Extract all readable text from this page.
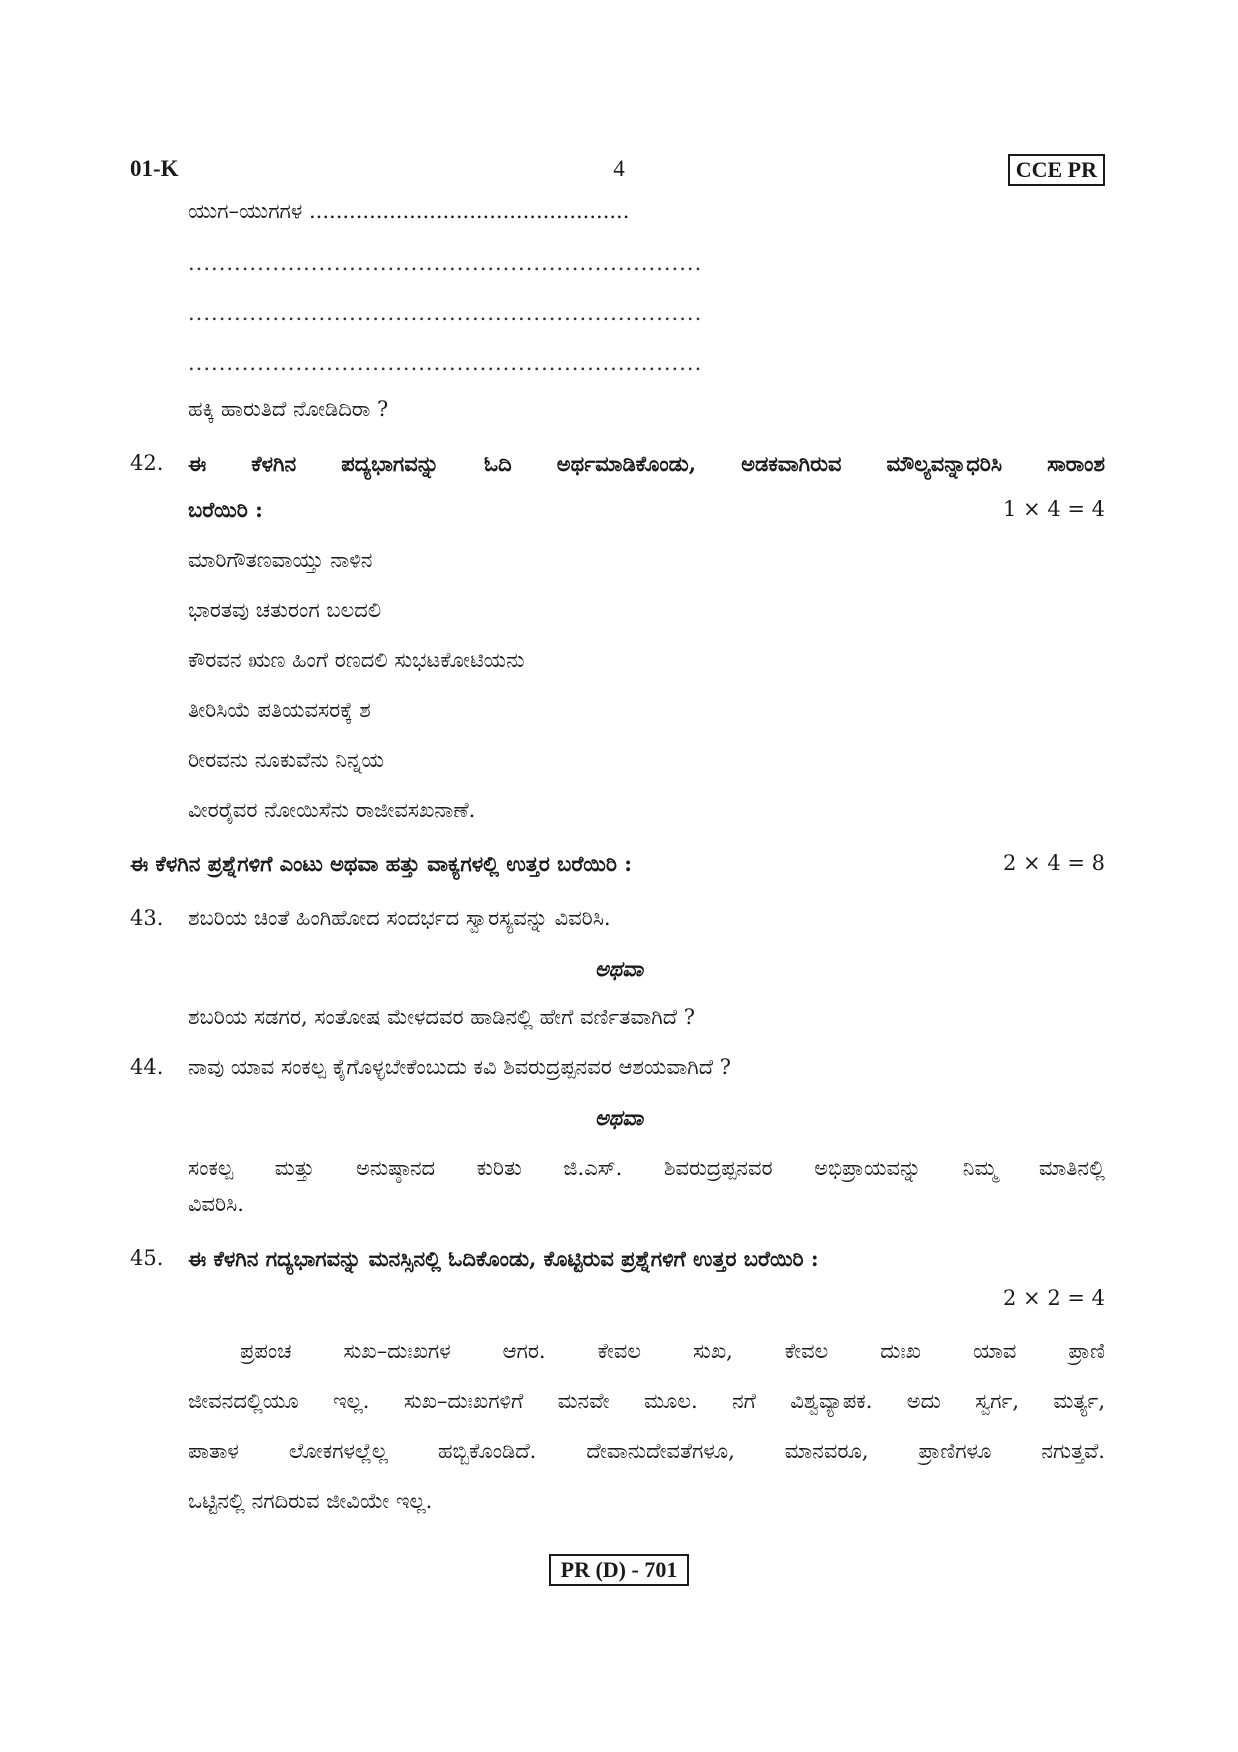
01-K	4	CCE PR
ಯುಗ–ಯುಗಗಳ ................................................
...................................................................
...................................................................
...................................................................
ಹಕ್ಕಿ ಹಾರುತಿದೆ ನೋಡಿದಿರಾ ?
42. ಈ ಕೆಳಗಿನ ಪದ್ಯಭಾಗವನ್ನು ಓದಿ ಅರ್ಥಮಾಡಿಕೊಂಡು, ಅಡಕವಾಗಿರುವ ಮೌಲ್ಯವನ್ನಾಧರಿಸಿ ಸಾರಾಂಶ
ಬರೆಯಿರಿ :	1 × 4 = 4
ಮಾರಿಗೌತಣವಾಯ್ತು ನಾಳಿನ
ಭಾರತವು ಚತುರಂಗ ಬಲದಲಿ
ಕೌರವನ ಋಣ ಹಿಂಗೆ ರಣದಲಿ ಸುಭಟಕೋಟಿಯನು
ತೀರಿಸಿಯೆ ಪತಿಯವಸರಕ್ಕೆ ಶ
ರೀರವನು ನೂಕುವೆನು ನಿನ್ನಯ
ವೀರರೈವರ ನೋಯಿಸೆನು ರಾಜೀವಸಖನಾಣೆ.
ಈ ಕೆಳಗಿನ ಪ್ರಶ್ನೆಗಳಿಗೆ ಎಂಟು ಅಥವಾ ಹತ್ತು ವಾಕ್ಯಗಳಲ್ಲಿ ಉತ್ತರ ಬರೆಯಿರಿ :	2 × 4 = 8
43. ಶಬರಿಯ ಚಿಂತೆ ಹಿಂಗಿಹೋದ ಸಂದರ್ಭದ ಸ್ವಾರಸ್ಯವನ್ನು ವಿವರಿಸಿ.
ಅಥವಾ
ಶಬರಿಯ ಸಡಗರ, ಸಂತೋಷ ಮೇಳದವರ ಹಾಡಿನಲ್ಲಿ ಹೇಗೆ ವರ್ಣಿತವಾಗಿದೆ ?
44. ನಾವು ಯಾವ ಸಂಕಲ್ಪ ಕೈಗೊಳ್ಳಬೇಕೆಂಬುದು ಕವಿ ಶಿವರುದ್ರಪ್ಪನವರ ಆಶಯವಾಗಿದೆ ?
ಅಥವಾ
ಸಂಕಲ್ಪ ಮತ್ತು ಅನುಷ್ಠಾನದ ಕುರಿತು ಜಿ.ಎಸ್. ಶಿವರುದ್ರಪ್ಪನವರ ಅಭಿಪ್ರಾಯವನ್ನು ನಿಮ್ಮ ಮಾತಿನಲ್ಲಿ
ವಿವರಿಸಿ.
45. ಈ ಕೆಳಗಿನ ಗದ್ಯಭಾಗವನ್ನು ಮನಸ್ಸಿನಲ್ಲಿ ಓದಿಕೊಂಡು, ಕೊಟ್ಟಿರುವ ಪ್ರಶ್ನೆಗಳಿಗೆ ಉತ್ತರ ಬರೆಯಿರಿ :
2 × 2 = 4
ಪ್ರಪಂಚ ಸುಖ–ದುಃಖಗಳ ಆಗರ. ಕೇವಲ ಸುಖ, ಕೇವಲ ದುಃಖ ಯಾವ ಪ್ರಾಣಿ
ಜೀವನದಲ್ಲಿಯೂ ಇಲ್ಲ. ಸುಖ–ದುಃಖಗಳಿಗೆ ಮನವೇ ಮೂಲ. ನಗೆ ವಿಶ್ವವ್ಯಾಪಕ. ಅದು ಸ್ವರ್ಗ, ಮರ್ತ್ಯ,
ಪಾತಾಳ ಲೋಕಗಳಲ್ಲೆಲ್ಲ ಹಬ್ಬಿಕೊಂಡಿದೆ. ದೇವಾನುದೇವತೆಗಳೂ, ಮಾನವರೂ, ಪ್ರಾಣಿಗಳೂ ನಗುತ್ತವೆ.
ಒಟ್ಟಿನಲ್ಲಿ ನಗದಿರುವ ಜೀವಿಯೇ ಇಲ್ಲ.
PR (D) - 701
